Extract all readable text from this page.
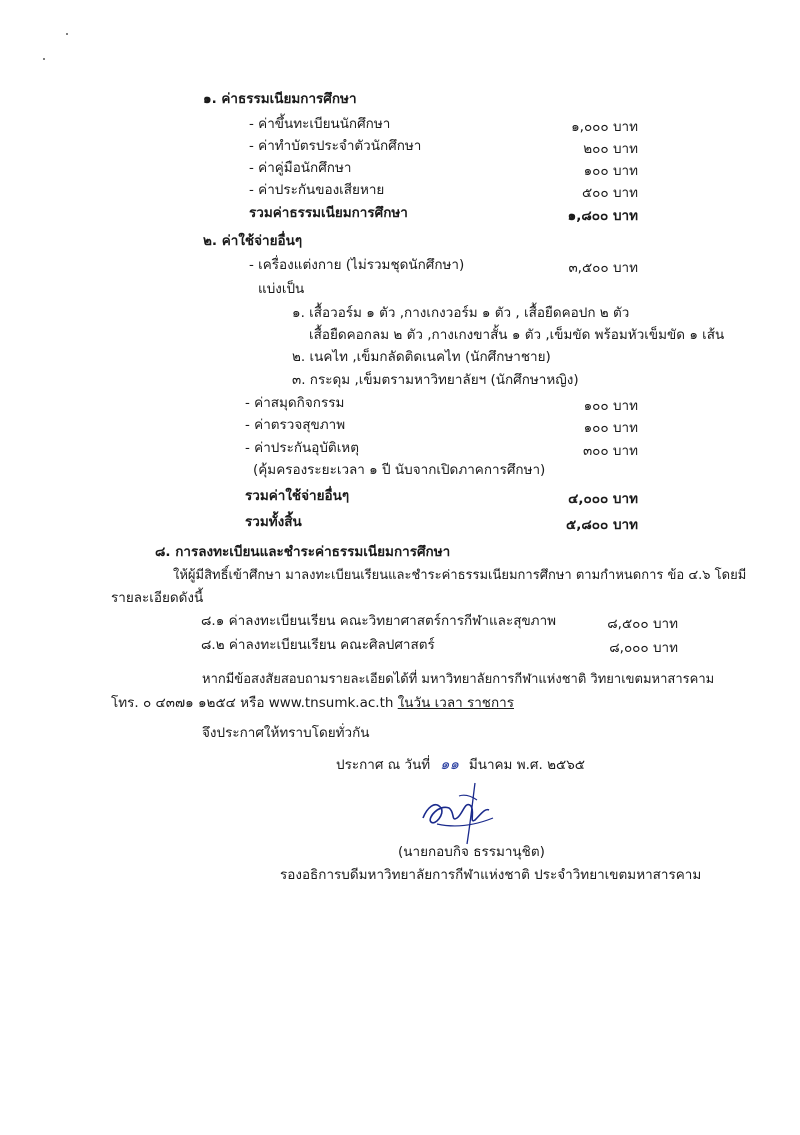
๑. ค่าธรรมเนียมการศึกษา
- ค่าขึ้นทะเบียนนักศึกษา	๑,๐๐๐ บาท
- ค่าทำบัตรประจำตัวนักศึกษา	๒๐๐ บาท
- ค่าคู่มือนักศึกษา	๑๐๐ บาท
- ค่าประกันของเสียหาย	๕๐๐ บาท
รวมค่าธรรมเนียมการศึกษา	๑,๘๐๐ บาท
๒. ค่าใช้จ่ายอื่นๆ
- เครื่องแต่งกาย (ไม่รวมชุดนักศึกษา)	๓,๕๐๐ บาท
แบ่งเป็น
๑. เสื้อวอร์ม ๑ ตัว ,กางเกงวอร์ม ๑ ตัว , เสื้อยืดคอปก ๒ ตัว
เสื้อยืดคอกลม ๒ ตัว ,กางเกงขาสั้น ๑ ตัว ,เข็มขัด พร้อมหัวเข็มขัด ๑ เส้น
๒. เนคไท ,เข็มกลัดติดเนคไท (นักศึกษาชาย)
๓. กระดุม ,เข็มตรามหาวิทยาลัยฯ (นักศึกษาหญิง)
- ค่าสมุดกิจกรรม	๑๐๐ บาท
- ค่าตรวจสุขภาพ	๑๐๐ บาท
- ค่าประกันอุบัติเหตุ	๓๐๐ บาท
(คุ้มครองระยะเวลา ๑ ปี นับจากเปิดภาคการศึกษา)
รวมค่าใช้จ่ายอื่นๆ	๔,๐๐๐ บาท
รวมทั้งสิ้น	๕,๘๐๐ บาท
๘. การลงทะเบียนและชำระค่าธรรมเนียมการศึกษา
ให้ผู้มีสิทธิ์เข้าศึกษา มาลงทะเบียนเรียนและชำระค่าธรรมเนียมการศึกษา ตามกำหนดการ ข้อ ๔.๖ โดยมี
รายละเอียดดังนี้
๘.๑ ค่าลงทะเบียนเรียน คณะวิทยาศาสตร์การกีฬาและสุขภาพ	๘,๕๐๐ บาท
๘.๒ ค่าลงทะเบียนเรียน คณะศิลปศาสตร์	๘,๐๐๐ บาท
หากมีข้อสงสัยสอบถามรายละเอียดได้ที่ มหาวิทยาลัยการกีฬาแห่งชาติ วิทยาเขตมหาสารคาม
โทร. ๐ ๔๓๗๑ ๑๒๕๔ หรือ www.tnsumk.ac.th ในวัน เวลา ราชการ
จึงประกาศให้ทราบโดยทั่วกัน
ประกาศ ณ วันที่ ๑๑ มีนาคม พ.ศ. ๒๕๖๕
(นายกอบกิจ ธรรมานุชิต)
รองอธิการบดีมหาวิทยาลัยการกีฬาแห่งชาติ ประจำวิทยาเขตมหาสารคาม
